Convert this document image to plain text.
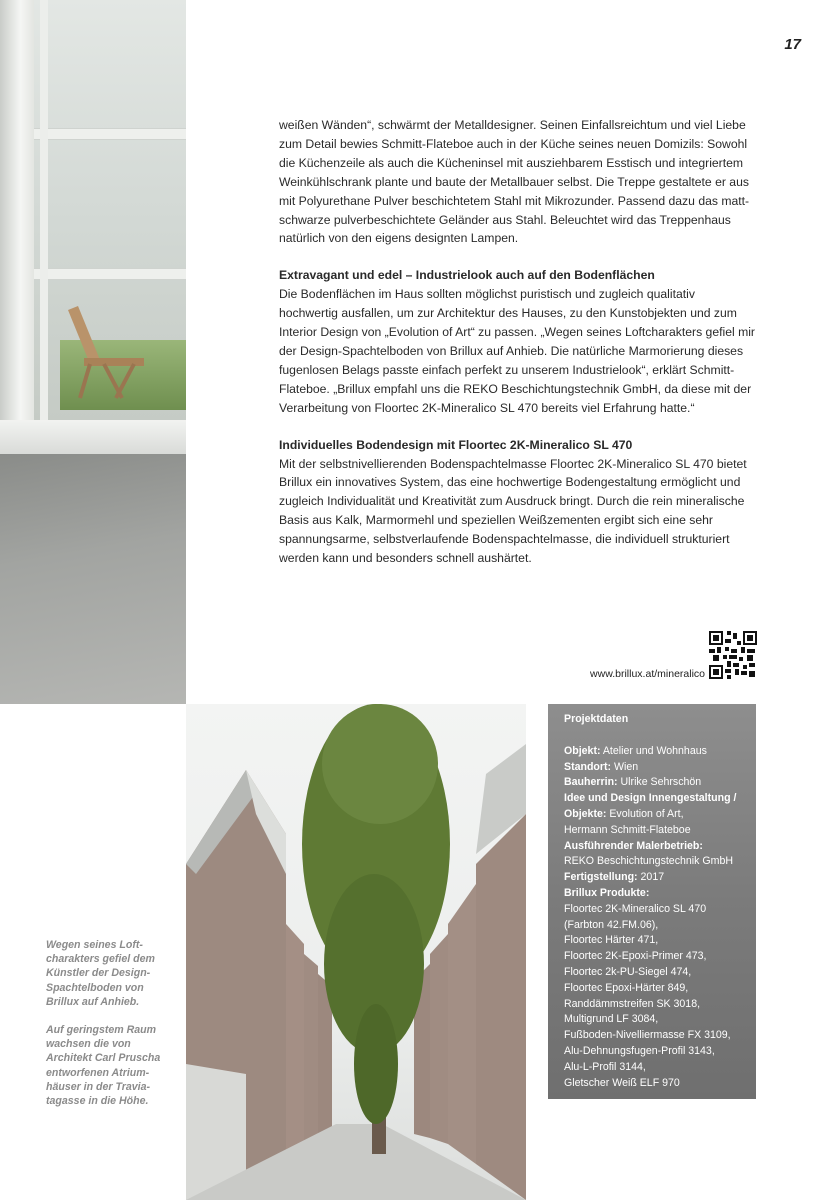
17

weißen Wänden“, schwärmt der Metalldesigner. Seinen Einfallsreichtum und viel Liebe zum Detail bewies Schmitt-Flateboe auch in der Küche seines neuen Domizils: Sowohl die Küchenzeile als auch die Kücheninsel mit ausziehbarem Esstisch und integriertem Weinkühlschrank plante und baute der Metallbauer selbst. Die Treppe gestaltete er aus mit Polyurethane Pulver beschichtetem Stahl mit Mikrozunder. Passend dazu das matt-schwarze pulverbeschichtete Geländer aus Stahl. Beleuchtet wird das Treppenhaus natürlich von den eigens designten Lampen.

Extravagant und edel – Industrielook auch auf den Bodenflächen

Die Bodenflächen im Haus sollten möglichst puristisch und zugleich qualitativ hochwertig ausfallen, um zur Architektur des Hauses, zu den Kunstobjekten und zum Interior Design von „Evolution of Art“ zu passen. „Wegen seines Loftcharakters gefiel mir der Design-Spachtelboden von Brillux auf Anhieb. Die natürliche Marmorierung dieses fugenlosen Belags passte einfach perfekt zu unserem Industrielook“, erklärt Schmitt-Flateboe. „Brillux empfahl uns die REKO Beschichtungstechnik GmbH, da diese mit der Verarbeitung von Floortec 2K-Mineralico SL 470 bereits viel Erfahrung hatte.“

Individuelles Bodendesign mit Floortec 2K-Mineralico SL 470

Mit der selbstnivellierenden Bodenspachtelmasse Floortec 2K-Mineralico SL 470 bietet Brillux ein innovatives System, das eine hochwertige Bodengestaltung ermöglicht und zugleich Individualität und Kreativität zum Ausdruck bringt. Durch die rein mineralische Basis aus Kalk, Marmormehl und speziellen Weißzementen ergibt sich eine sehr spannungsarme, selbstverlaufende Bodenspachtelmasse, die individuell strukturiert werden kann und besonders schnell aushärtet.

www.brillux.at/mineralico

Wegen seines Loft-charakters gefiel dem Künstler der Design-Spachtelboden von Brillux auf Anhieb.

Auf geringstem Raum wachsen die von Architekt Carl Pruscha entworfenen Atrium-häuser in der Travia-tagasse in die Höhe.

Projektdaten
Objekt: Atelier und Wohnhaus
Standort: Wien
Bauherrin: Ulrike Sehrschön
Idee und Design Innengestaltung /
Objekte: Evolution of Art,
Hermann Schmitt-Flateboe
Ausführender Malerbetrieb:
REKO Beschichtungstechnik GmbH
Fertigstellung: 2017
Brillux Produkte:
Floortec 2K-Mineralico SL 470
(Farbton 42.FM.06),
Floortec Härter 471,
Floortec 2K-Epoxi-Primer 473,
Floortec 2k-PU-Siegel 474,
Floortec Epoxi-Härter 849,
Randdämmstreifen SK 3018,
Multigrund LF 3084,
Fußboden-Nivelliermasse FX 3109,
Alu-Dehnungsfugen-Profil 3143,
Alu-L-Profil 3144,
Gletscher Weiß ELF 970
